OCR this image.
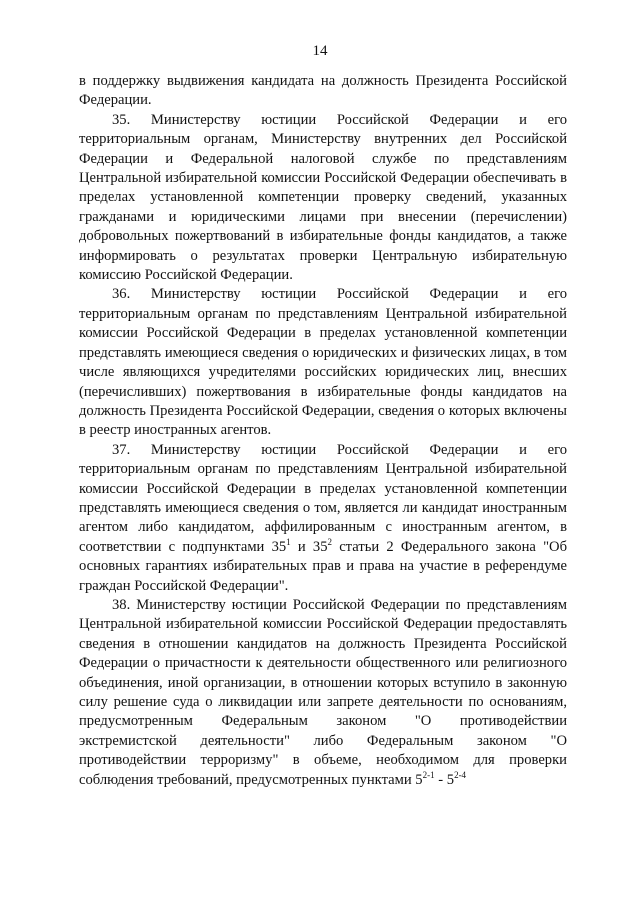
14

в поддержку выдвижения кандидата на должность Президента Российской Федерации.

35. Министерству юстиции Российской Федерации и его территориальным органам, Министерству внутренних дел Российской Федерации и Федеральной налоговой службе по представлениям Центральной избирательной комиссии Российской Федерации обеспечивать в пределах установленной компетенции проверку сведений, указанных гражданами и юридическими лицами при внесении (перечислении) добровольных пожертвований в избирательные фонды кандидатов, а также информировать о результатах проверки Центральную избирательную комиссию Российской Федерации.

36. Министерству юстиции Российской Федерации и его территориальным органам по представлениям Центральной избирательной комиссии Российской Федерации в пределах установленной компетенции представлять имеющиеся сведения о юридических и физических лицах, в том числе являющихся учредителями российских юридических лиц, внесших (перечисливших) пожертвования в избирательные фонды кандидатов на должность Президента Российской Федерации, сведения о которых включены в реестр иностранных агентов.

37. Министерству юстиции Российской Федерации и его территориальным органам по представлениям Центральной избирательной комиссии Российской Федерации в пределах установленной компетенции представлять имеющиеся сведения о том, является ли кандидат иностранным агентом либо кандидатом, аффилированным с иностранным агентом, в соответствии с подпунктами $35^1$ и $35^2$ статьи 2 Федерального закона "Об основных гарантиях избирательных прав и права на участие в референдуме граждан Российской Федерации".

38. Министерству юстиции Российской Федерации по представлениям Центральной избирательной комиссии Российской Федерации предоставлять сведения в отношении кандидатов на должность Президента Российской Федерации о причастности к деятельности общественного или религиозного объединения, иной организации, в отношении которых вступило в законную силу решение суда о ликвидации или запрете деятельности по основаниям, предусмотренным Федеральным законом "О противодействии экстремистской деятельности" либо Федеральным законом "О противодействии терроризму" в объеме, необходимом для проверки соблюдения требований, предусмотренных пунктами 5$^{2-1}$ - 5$^{2-4}$
